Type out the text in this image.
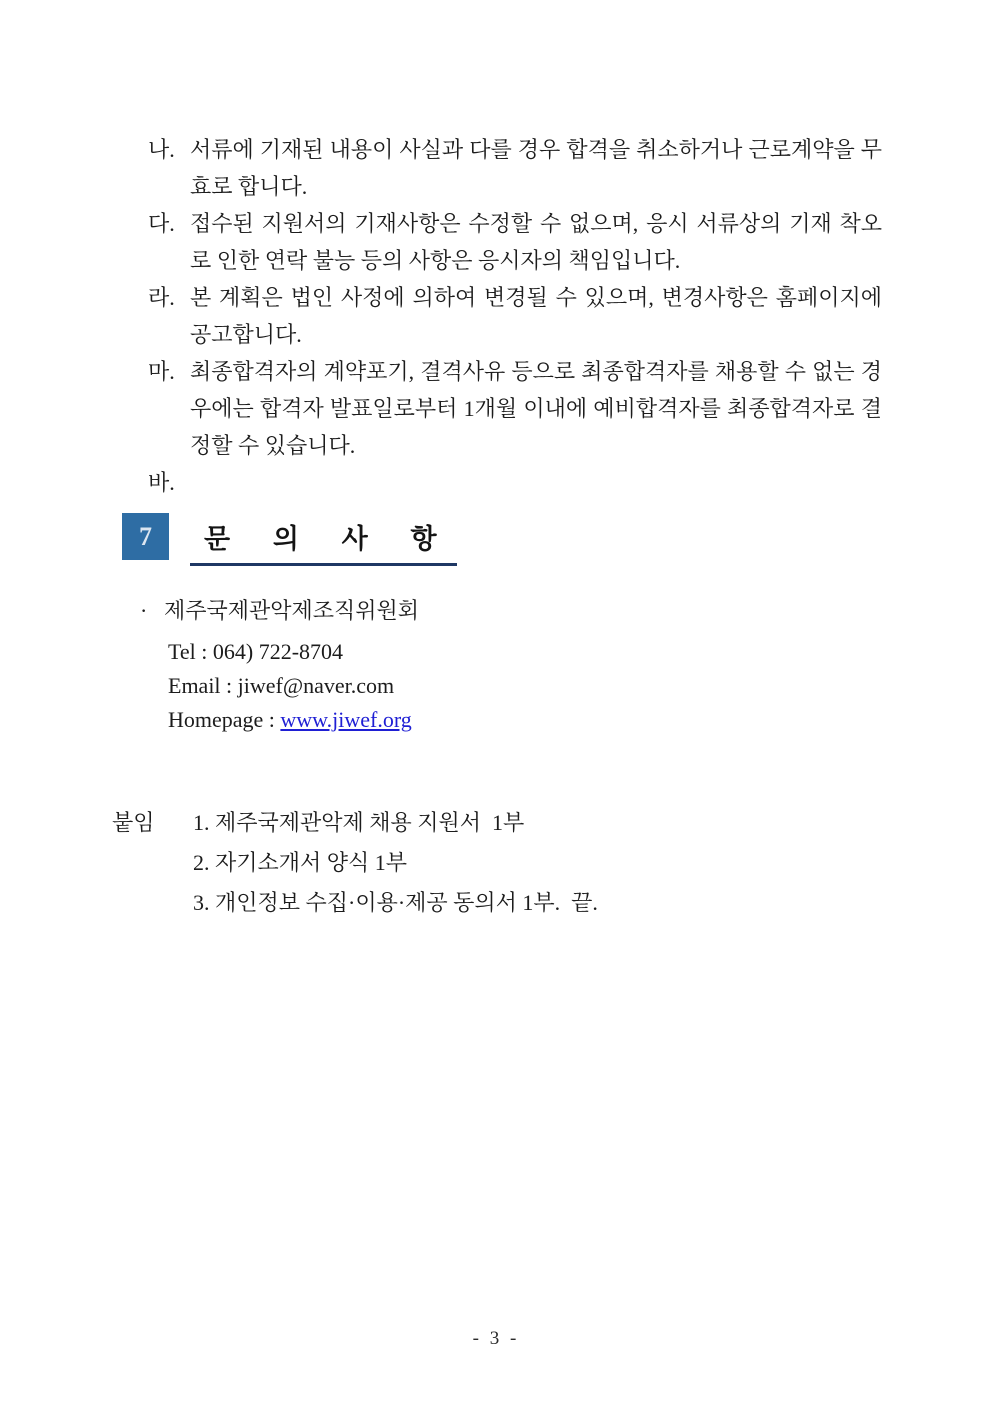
나. 서류에 기재된 내용이 사실과 다를 경우 합격을 취소하거나 근로계약을 무효로 합니다.
다. 접수된 지원서의 기재사항은 수정할 수 없으며, 응시 서류상의 기재 착오로 인한 연락 불능 등의 사항은 응시자의 책임입니다.
라. 본 계획은 법인 사정에 의하여 변경될 수 있으며, 변경사항은 홈페이지에 공고합니다.
마. 최종합격자의 계약포기, 결격사유 등으로 최종합격자를 채용할 수 없는 경우에는 합격자 발표일로부터 1개월 이내에 예비합격자를 최종합격자로 결정할 수 있습니다.
바.
7	문 의 사 항
· 제주국제관악제조직위원회
Tel : 064) 722-8704
Email : jiwef@naver.com
Homepage : www.jiwef.org
붙임	1. 제주국제관악제 채용 지원서  1부
2. 자기소개서 양식 1부
3. 개인정보 수집·이용·제공 동의서 1부.  끝.
- 3 -
